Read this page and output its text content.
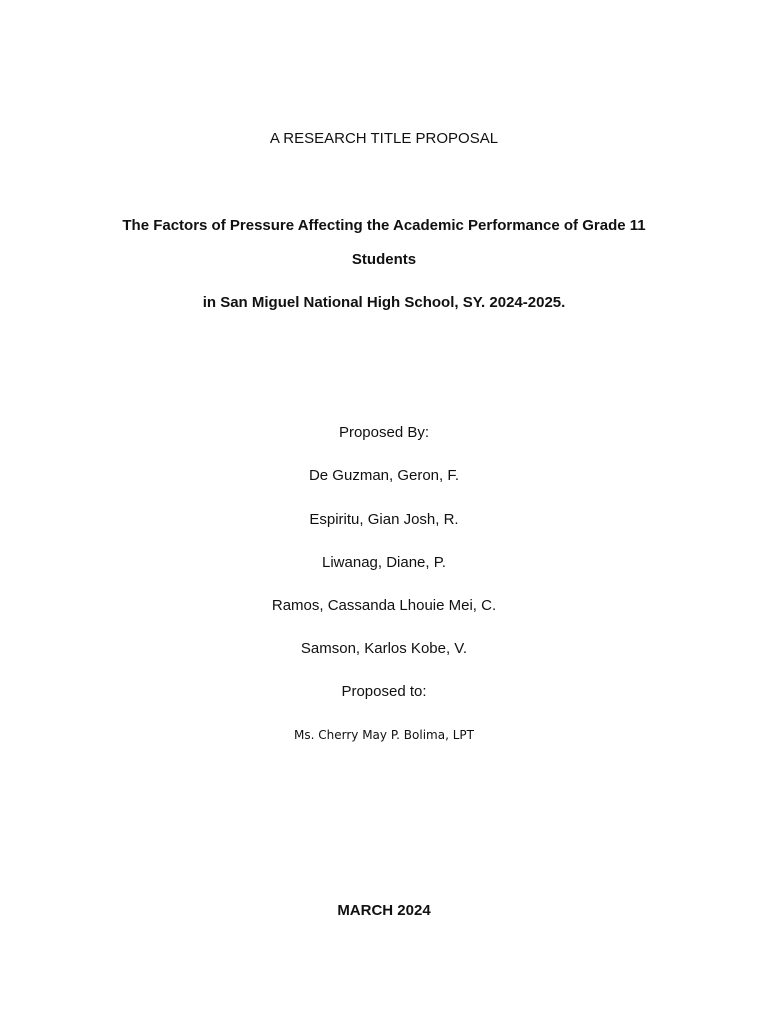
A RESEARCH TITLE PROPOSAL
The Factors of Pressure Affecting the Academic Performance of Grade 11
Students
in San Miguel National High School, SY. 2024-2025.
Proposed By:
De Guzman, Geron, F.
Espiritu, Gian Josh, R.
Liwanag, Diane, P.
Ramos, Cassanda Lhouie Mei, C.
Samson, Karlos Kobe, V.
Proposed to:
Ms. Cherry May P. Bolima, LPT
MARCH 2024
